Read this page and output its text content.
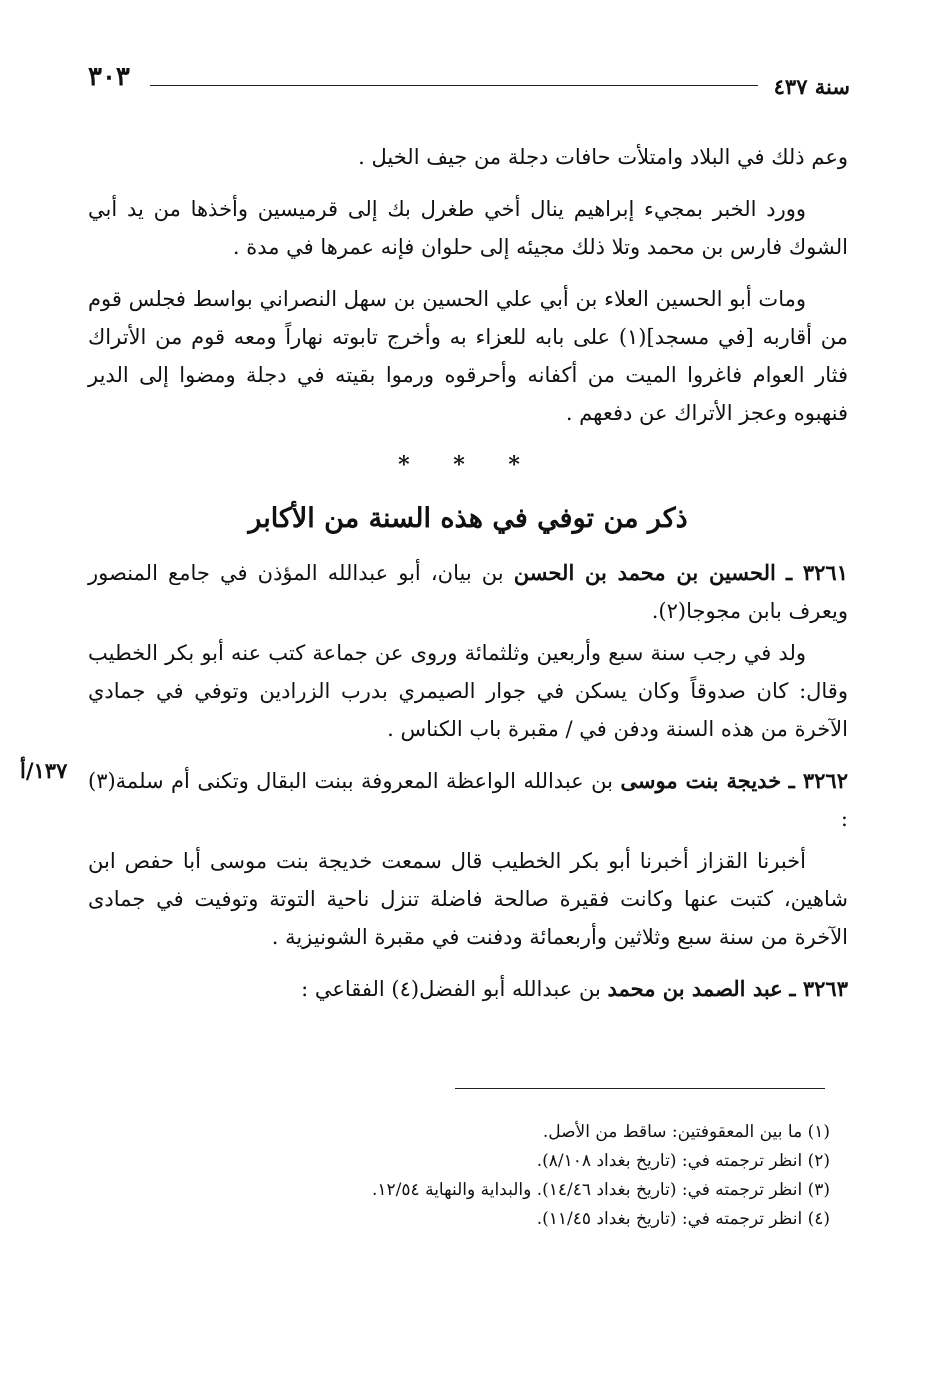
٣٠٣	سنة ٤٣٧

وعم ذلك في البلاد وامتلأت حافات دجلة من جيف الخيل .

وورد الخبر بمجيء إبراهيم ينال أخي طغرل بك إلى قرميسين وأخذها من يد أبي الشوك فارس بن محمد وتلا ذلك مجيئه إلى حلوان فإنه عمرها في مدة .

ومات أبو الحسين العلاء بن أبي علي الحسين بن سهل النصراني بواسط فجلس قوم من أقاربه [في مسجد](١) على بابه للعزاء به وأخرج تابوته نهاراً ومعه قوم من الأتراك فثار العوام فاغروا الميت من أكفانه وأحرقوه ورموا بقيته في دجلة ومضوا إلى الدير فنهبوه وعجز الأتراك عن دفعهم .

* * *

ذكر من توفي في هذه السنة من الأكابر

٣٢٦١ ـ الحسين بن محمد بن الحسن بن بيان، أبو عبدالله المؤذن في جامع المنصور ويعرف بابن مجوجا(٢).

ولد في رجب سنة سبع وأربعين وثلثمائة وروى عن جماعة كتب عنه أبو بكر الخطيب وقال: كان صدوقاً وكان يسكن في جوار الصيمري بدرب الزرادين وتوفي في جمادي الآخرة من هذه السنة ودفن في / مقبرة باب الكناس .

٣٢٦٢ ـ خديجة بنت موسى بن عبدالله الواعظة المعروفة ببنت البقال وتكنى أم سلمة(٣) :

أخبرنا القزاز أخبرنا أبو بكر الخطيب قال سمعت خديجة بنت موسى أبا حفص ابن شاهين، كتبت عنها وكانت فقيرة صالحة فاضلة تنزل ناحية التوتة وتوفيت في جمادى الآخرة من سنة سبع وثلاثين وأربعمائة ودفنت في مقبرة الشونيزية .

٣٢٦٣ ـ عبد الصمد بن محمد بن عبدالله أبو الفضل(٤) الفقاعي :

١٣٧/أ
(١) ما بين المعقوفتين: ساقط من الأصل.
(٢) انظر ترجمته في: (تاريخ بغداد ٨/١٠٨).
(٣) انظر ترجمته في: (تاريخ بغداد ١٤/٤٦). والبداية والنهاية ١٢/٥٤.
(٤) انظر ترجمته في: (تاريخ بغداد ١١/٤٥).
